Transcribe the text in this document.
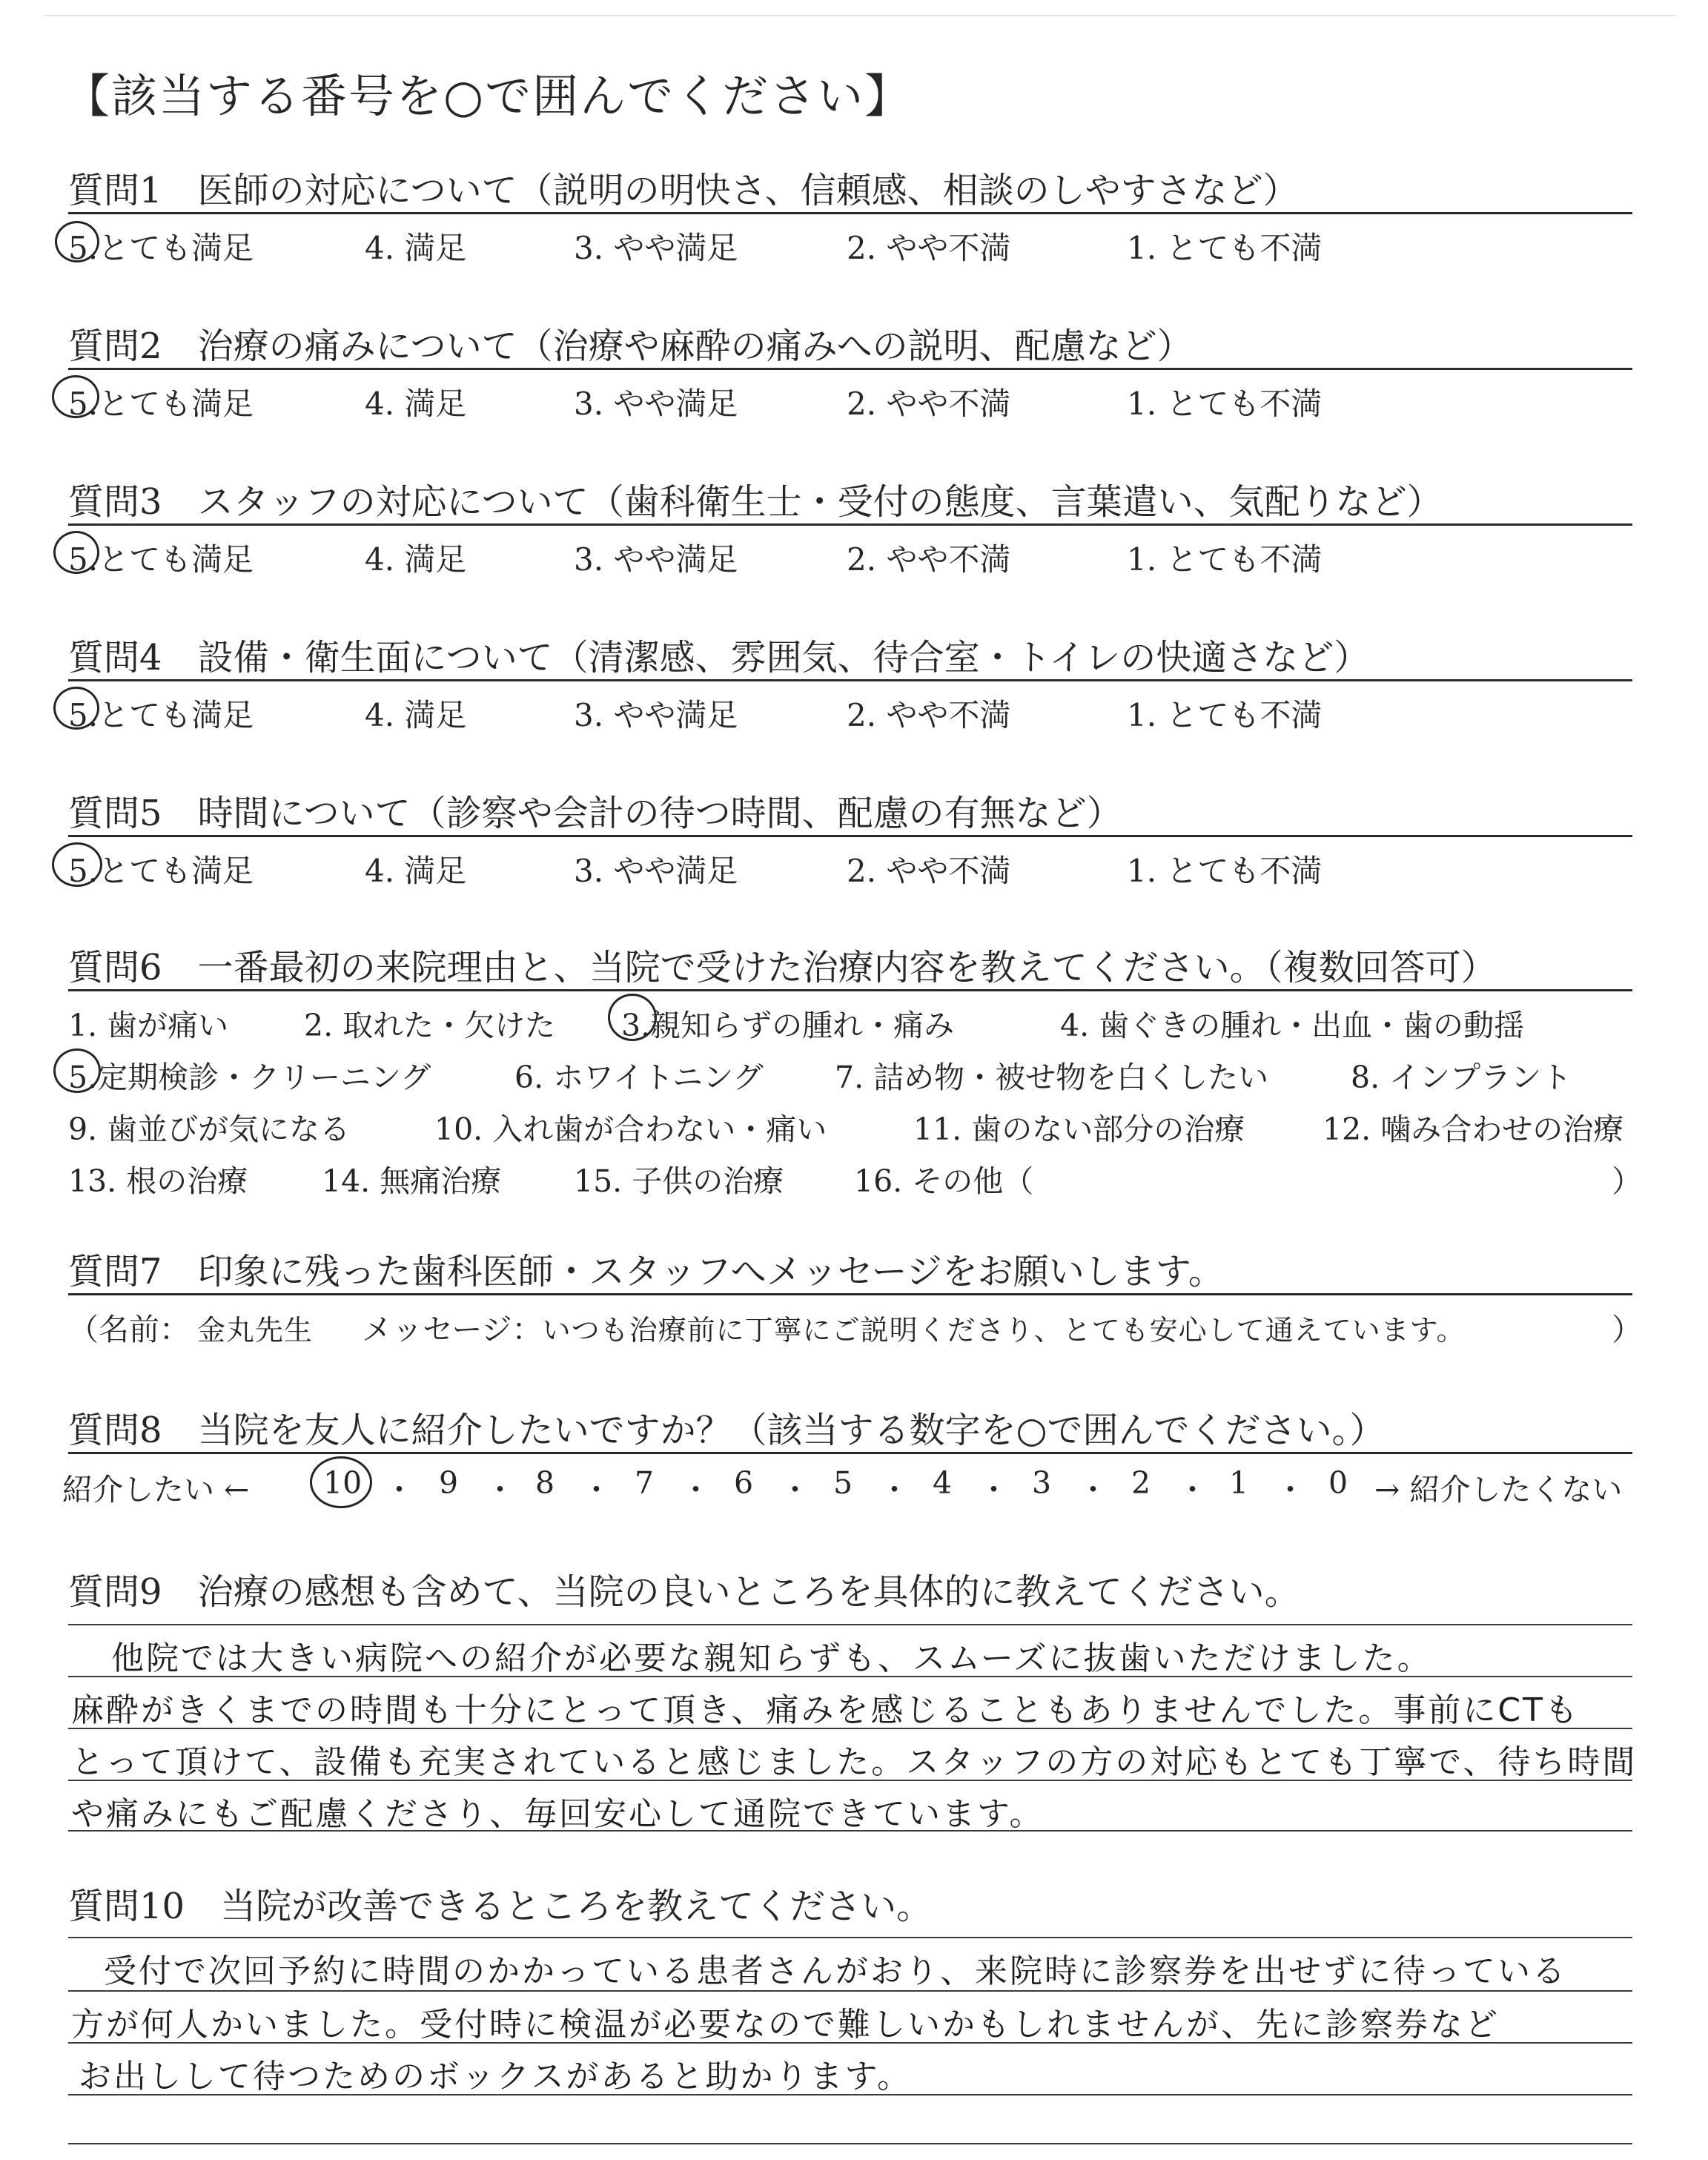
【該当する番号を○で囲んでください】
質問1　 医師の対応について（説明の明快さ、信頼感、相談のしやすさなど）
5.とても満足	4. 満足	3. やや満足	2. やや不満	1. とても不満
質問2　 治療の痛みについて（治療や麻酔の痛みへの説明、配慮など）
5.とても満足	4. 満足	3. やや満足	2. やや不満	1. とても不満
質問3　 スタッフの対応について（歯科衛生士・受付の態度、言葉遣い、気配りなど）
5.とても満足	4. 満足	3. やや満足	2. やや不満	1. とても不満
質問4　 設備・衛生面について（清潔感、雰囲気、待合室・トイレの快適さなど）
5.とても満足	4. 満足	3. やや満足	2. やや不満	1. とても不満
質問5　 時間について（診察や会計の待つ時間、配慮の有無など）
5.とても満足	4. 満足	3. やや満足	2. やや不満	1. とても不満
質問6　 一番最初の来院理由と、当院で受けた治療内容を教えてください。（複数回答可）
1. 歯が痛い 2. 取れた・欠けた 3.親知らずの腫れ・痛み	4. 歯ぐきの腫れ・出血・歯の動揺
5.定期検診・クリーニング	6. ホワイトニング 7. 詰め物・被せ物を白くしたい	8. インプラント
9. 歯並びが気になる	10. 入れ歯が合わない・痛い	11. 歯のない部分の治療	12. 噛み合わせの治療
13. 根の治療 14. 無痛治療 15. 子供の治療 16. その他（	）
質問7　 印象に残った歯科医師・スタッフへメッセージをお願いします。
（名前： 金丸先生 メッセージ：いつも治療前に丁寧にご説明くださり、とても安心して通えています。	）
質問8　 当院を友人に紹介したいですか？（該当する数字を○で囲んでください。）
紹介したい ← 10 ・ 9 ・ 8 ・ 7 ・ 6 ・ 5 ・ 4 ・ 3 ・ 2 ・ 1 ・ 0 → 紹介したくない
質問9　 治療の感想も含めて、当院の良いところを具体的に教えてください。
他院では大きい病院への紹介が必要な親知らずも、スムーズに抜歯いただけました。
麻酔がきくまでの時間も十分にとって頂き、痛みを感じることもありませんでした。事前にCTも
とって頂けて、設備も充実されていると感じました。スタッフの方の対応もとても丁寧で、待ち時間
や痛みにもご配慮くださり、毎回安心して通院できています。
質問10　 当院が改善できるところを教えてください。
受付で次回予約に時間のかかっている患者さんがおり、来院時に診察券を出せずに待っている
方が何人かいました。受付時に検温が必要なので難しいかもしれませんが、先に診察券など
お出しして待つためのボックスがあると助かります。
